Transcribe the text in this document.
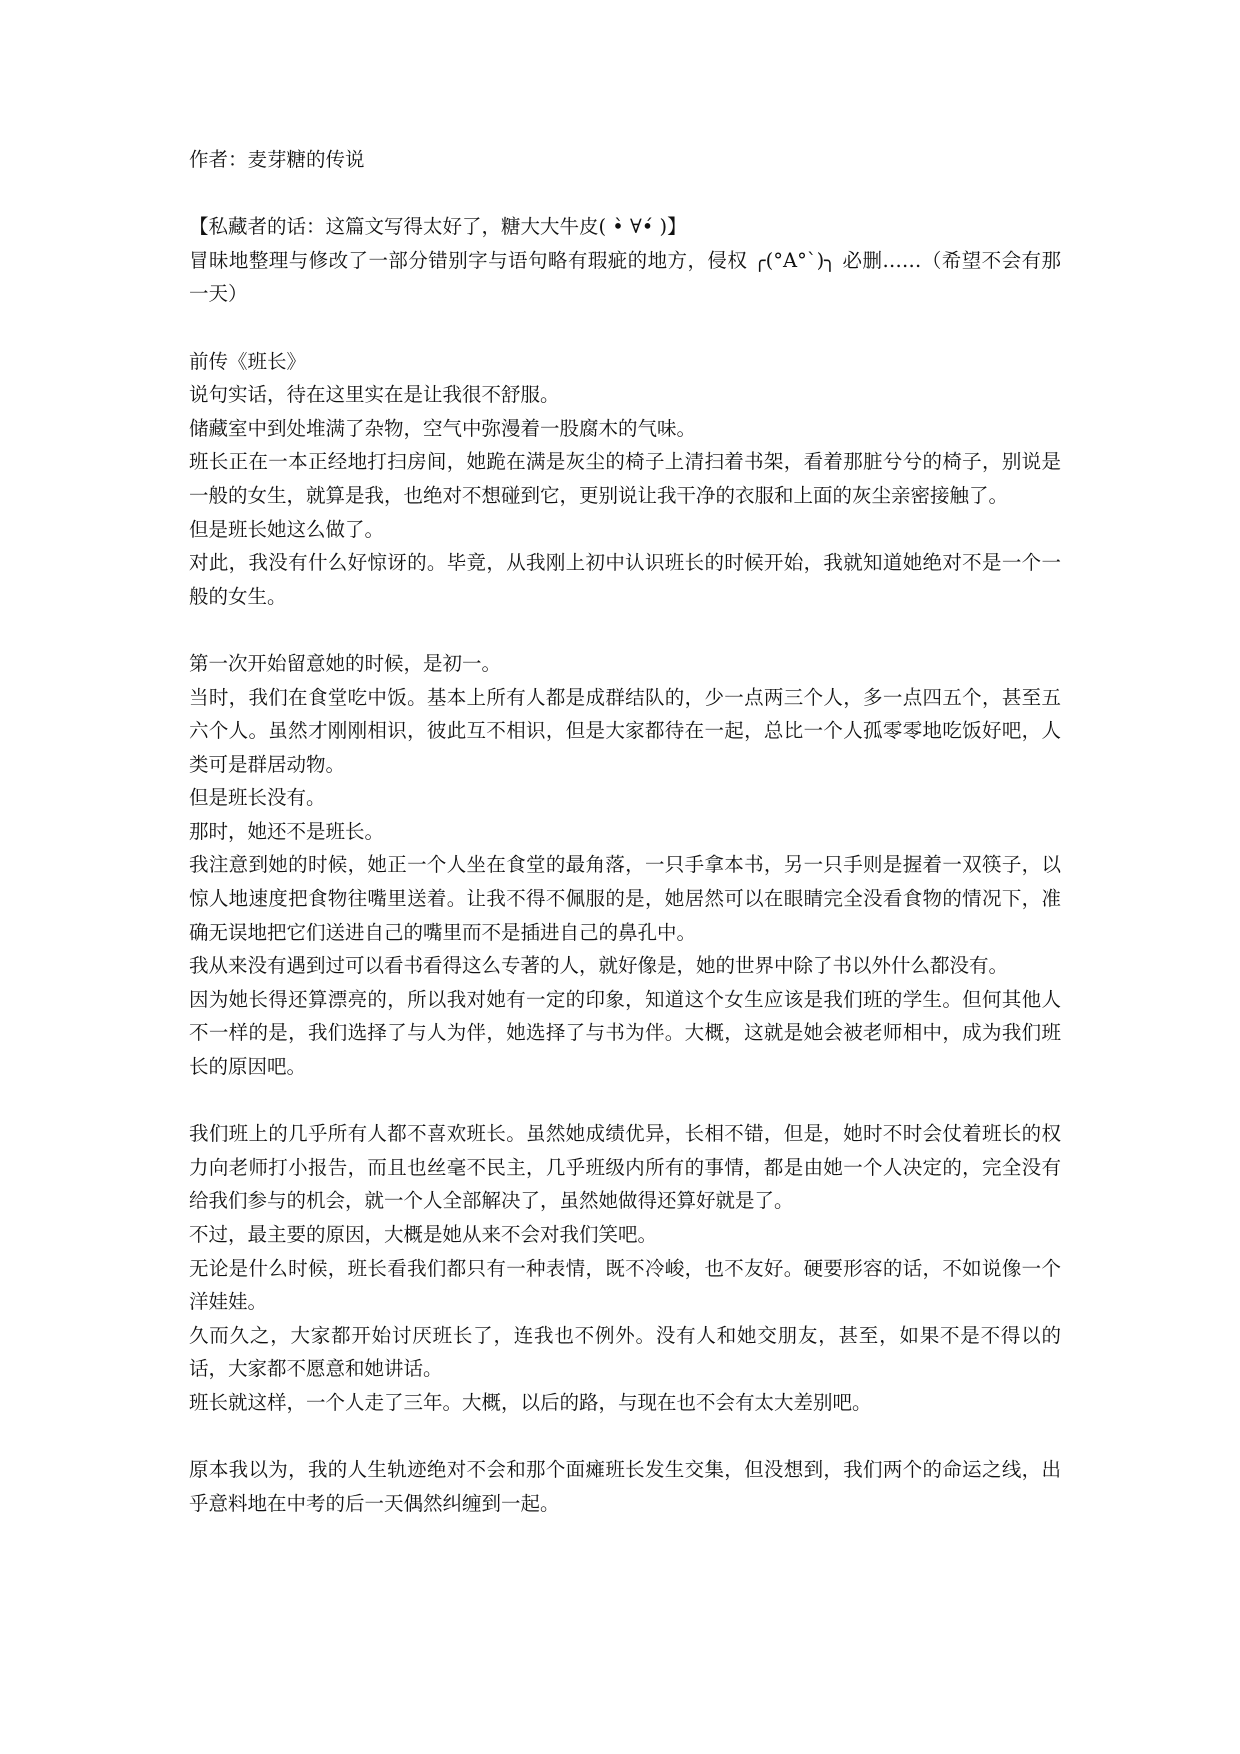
作者：麦芽糖的传说

【私藏者的话：这篇文写得太好了，糖大大牛皮( •̀ ∀•́ )】

冒昧地整理与修改了一部分错别字与语句略有瑕疵的地方，侵权 ╭(°A°`)╮ 必删……（希望不会有那一天）

前传《班长》

说句实话，待在这里实在是让我很不舒服。

储藏室中到处堆满了杂物，空气中弥漫着一股腐木的气味。

班长正在一本正经地打扫房间，她跪在满是灰尘的椅子上清扫着书架，看着那脏兮兮的椅子，别说是一般的女生，就算是我，也绝对不想碰到它，更别说让我干净的衣服和上面的灰尘亲密接触了。

但是班长她这么做了。

对此，我没有什么好惊讶的。毕竟，从我刚上初中认识班长的时候开始，我就知道她绝对不是一个一般的女生。

第一次开始留意她的时候，是初一。

当时，我们在食堂吃中饭。基本上所有人都是成群结队的，少一点两三个人，多一点四五个，甚至五六个人。虽然才刚刚相识，彼此互不相识，但是大家都待在一起，总比一个人孤零零地吃饭好吧，人类可是群居动物。

但是班长没有。

那时，她还不是班长。

我注意到她的时候，她正一个人坐在食堂的最角落，一只手拿本书，另一只手则是握着一双筷子，以惊人地速度把食物往嘴里送着。让我不得不佩服的是，她居然可以在眼睛完全没看食物的情况下，准确无误地把它们送进自己的嘴里而不是插进自己的鼻孔中。

我从来没有遇到过可以看书看得这么专著的人，就好像是，她的世界中除了书以外什么都没有。

因为她长得还算漂亮的，所以我对她有一定的印象，知道这个女生应该是我们班的学生。但何其他人不一样的是，我们选择了与人为伴，她选择了与书为伴。大概，这就是她会被老师相中，成为我们班长的原因吧。

我们班上的几乎所有人都不喜欢班长。虽然她成绩优异，长相不错，但是，她时不时会仗着班长的权力向老师打小报告，而且也丝毫不民主，几乎班级内所有的事情，都是由她一个人决定的，完全没有给我们参与的机会，就一个人全部解决了，虽然她做得还算好就是了。

不过，最主要的原因，大概是她从来不会对我们笑吧。

无论是什么时候，班长看我们都只有一种表情，既不冷峻，也不友好。硬要形容的话，不如说像一个洋娃娃。

久而久之，大家都开始讨厌班长了，连我也不例外。没有人和她交朋友，甚至，如果不是不得以的话，大家都不愿意和她讲话。

班长就这样，一个人走了三年。大概，以后的路，与现在也不会有太大差别吧。

原本我以为，我的人生轨迹绝对不会和那个面瘫班长发生交集，但没想到，我们两个的命运之线，出乎意料地在中考的后一天偶然纠缠到一起。
